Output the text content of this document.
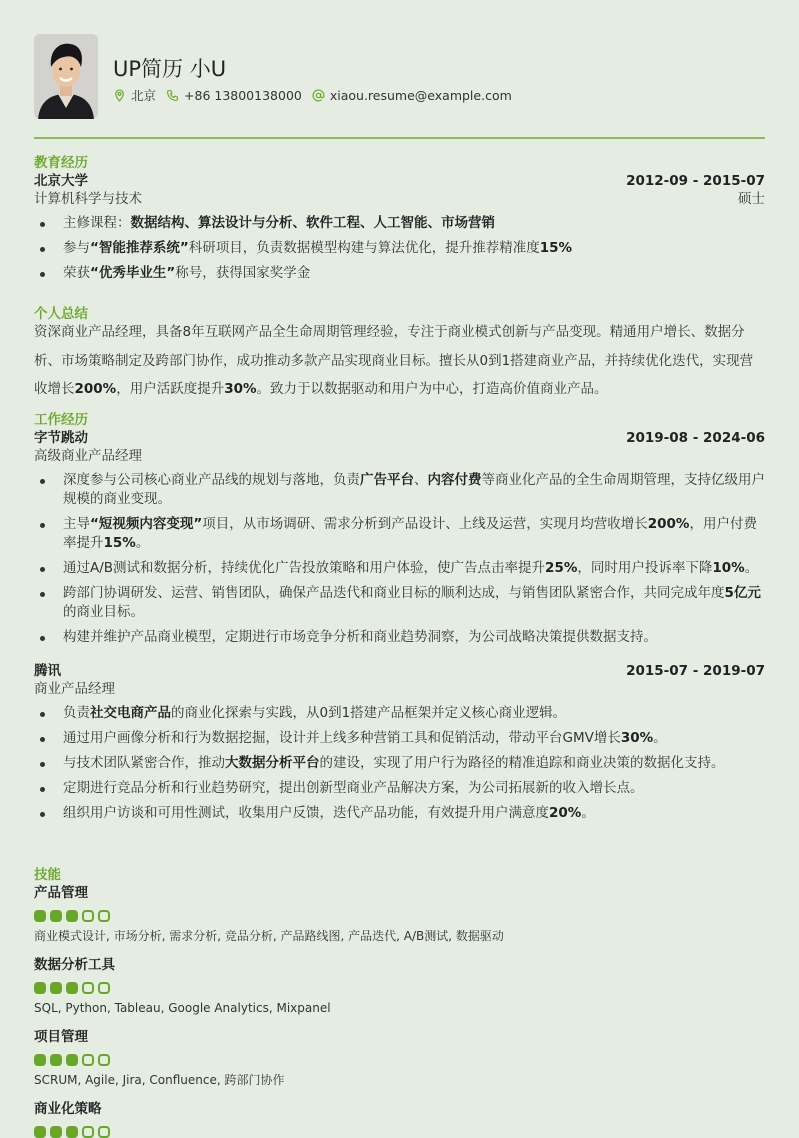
UP简历 小U
北京 +86 13800138000 xiaou.resume@example.com
教育经历
北京大学	2012-09 - 2015-07
计算机科学与技术	硕士
主修课程：数据结构、算法设计与分析、软件工程、人工智能、市场营销
参与“智能推荐系统”科研项目，负责数据模型构建与算法优化，提升推荐精准度15%
荣获“优秀毕业生”称号，获得国家奖学金
个人总结
资深商业产品经理，具备8年互联网产品全生命周期管理经验，专注于商业模式创新与产品变现。精通用户增长、数据分析、市场策略制定及跨部门协作，成功推动多款产品实现商业目标。擅长从0到1搭建商业产品，并持续优化迭代，实现营收增长200%，用户活跃度提升30%。致力于以数据驱动和用户为中心，打造高价值商业产品。
工作经历
字节跳动	2019-08 - 2024-06
高级商业产品经理
深度参与公司核心商业产品线的规划与落地，负责广告平台、内容付费等商业化产品的全生命周期管理，支持亿级用户规模的商业变现。
主导“短视频内容变现”项目，从市场调研、需求分析到产品设计、上线及运营，实现月均营收增长200%，用户付费率提升15%。
通过A/B测试和数据分析，持续优化广告投放策略和用户体验，使广告点击率提升25%，同时用户投诉率下降10%。
跨部门协调研发、运营、销售团队，确保产品迭代和商业目标的顺利达成，与销售团队紧密合作，共同完成年度5亿元的商业目标。
构建并维护产品商业模型，定期进行市场竞争分析和商业趋势洞察，为公司战略决策提供数据支持。
腾讯	2015-07 - 2019-07
商业产品经理
负责社交电商产品的商业化探索与实践，从0到1搭建产品框架并定义核心商业逻辑。
通过用户画像分析和行为数据挖掘，设计并上线多种营销工具和促销活动，带动平台GMV增长30%。
与技术团队紧密合作，推动大数据分析平台的建设，实现了用户行为路径的精准追踪和商业决策的数据化支持。
定期进行竞品分析和行业趋势研究，提出创新型商业产品解决方案，为公司拓展新的收入增长点。
组织用户访谈和可用性测试，收集用户反馈，迭代产品功能，有效提升用户满意度20%。
技能
产品管理
商业模式设计, 市场分析, 需求分析, 竞品分析, 产品路线图, 产品迭代, A/B测试, 数据驱动
数据分析工具
SQL, Python, Tableau, Google Analytics, Mixpanel
项目管理
SCRUM, Agile, Jira, Confluence, 跨部门协作
商业化策略
